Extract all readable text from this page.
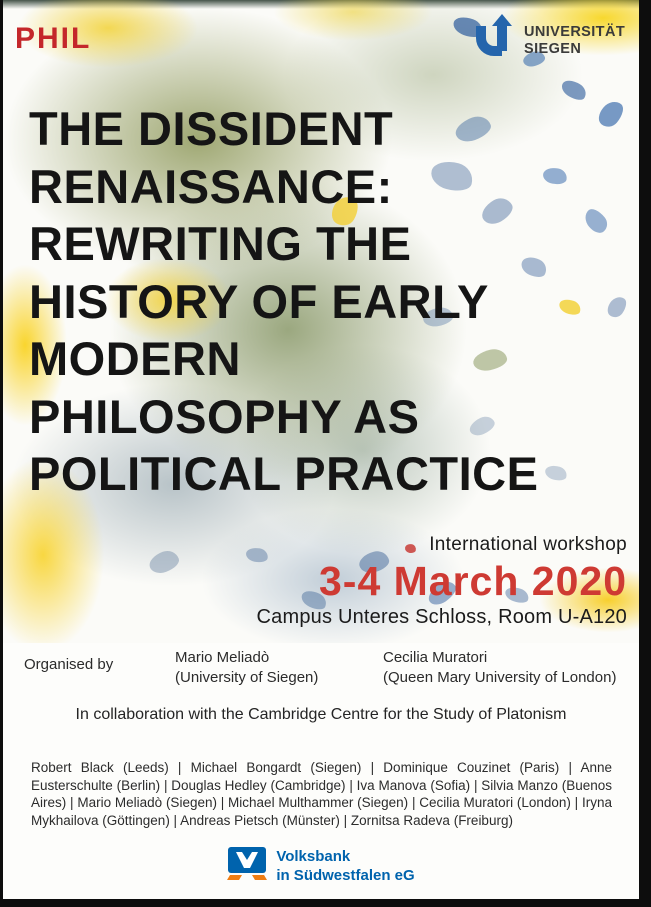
PHIL	UNIVERSITÄT
SIEGEN
THE DISSIDENT
RENAISSANCE:
REWRITING THE
HISTORY OF EARLY
MODERN
PHILOSOPHY AS
POLITICAL PRACTICE
International workshop
3-4 March 2020
Campus Unteres Schloss, Room U-A120
Organised by	Mario Meliadò
(University of Siegen)
Cecilia Muratori
(Queen Mary University of London)
In collaboration with the Cambridge Centre for the Study of Platonism
Robert Black (Leeds) | Michael Bongardt (Siegen) | Dominique Couzinet (Paris) | Anne Eusterschulte (Berlin) | Douglas Hedley (Cambridge) | Iva Manova (Sofia) | Silvia Manzo (Buenos Aires) | Mario Meliadò (Siegen) | Michael Multhammer (Siegen) | Cecilia Muratori (London) | Iryna Mykhailova (Göttingen) | Andreas Pietsch (Münster) | Zornitsa Radeva (Freiburg)
Volksbank
in Südwestfalen eG
